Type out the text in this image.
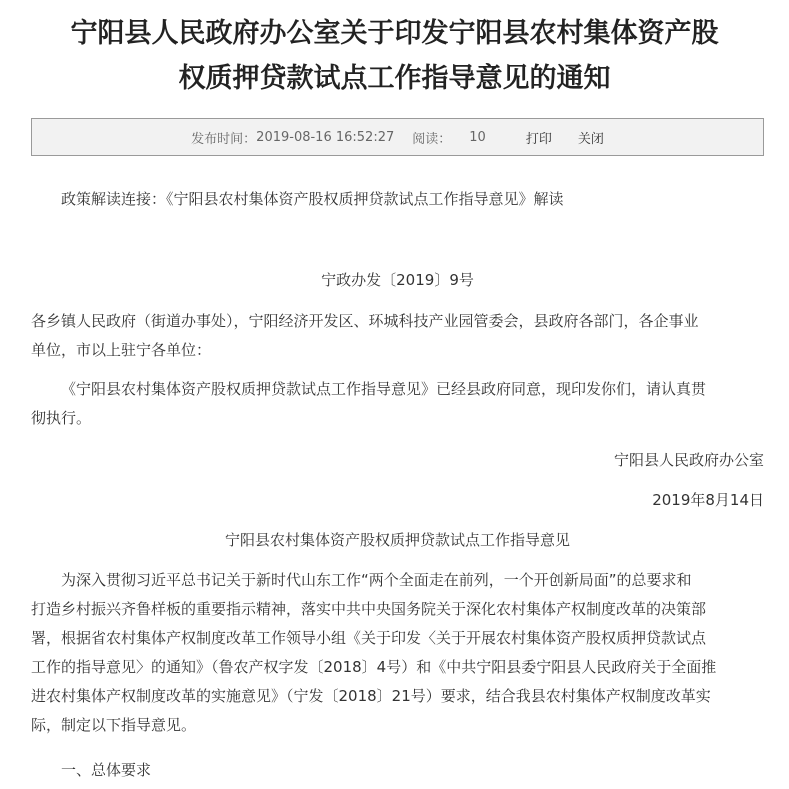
宁阳县人民政府办公室关于印发宁阳县农村集体资产股
权质押贷款试点工作指导意见的通知
发布时间： 2019-08-16 16:52:27 阅读： 10	打印 关闭

政策解读连接：《宁阳县农村集体资产股权质押贷款试点工作指导意见》解读

宁政办发〔2019〕9号

各乡镇人民政府（街道办事处），宁阳经济开发区、环城科技产业园管委会，县政府各部门，各企事业

单位，市以上驻宁各单位：

《宁阳县农村集体资产股权质押贷款试点工作指导意见》已经县政府同意，现印发你们，请认真贯

彻执行。

宁阳县人民政府办公室

2019年8月14日

宁阳县农村集体资产股权质押贷款试点工作指导意见

为深入贯彻习近平总书记关于新时代山东工作“两个全面走在前列，一个开创新局面”的总要求和

打造乡村振兴齐鲁样板的重要指示精神，落实中共中央国务院关于深化农村集体产权制度改革的决策部

署，根据省农村集体产权制度改革工作领导小组《关于印发〈关于开展农村集体资产股权质押贷款试点

工作的指导意见〉的通知》（鲁农产权字发〔2018〕4号）和《中共宁阳县委宁阳县人民政府关于全面推

进农村集体产权制度改革的实施意见》（宁发〔2018〕21号）要求，结合我县农村集体产权制度改革实

际，制定以下指导意见。

一、总体要求
